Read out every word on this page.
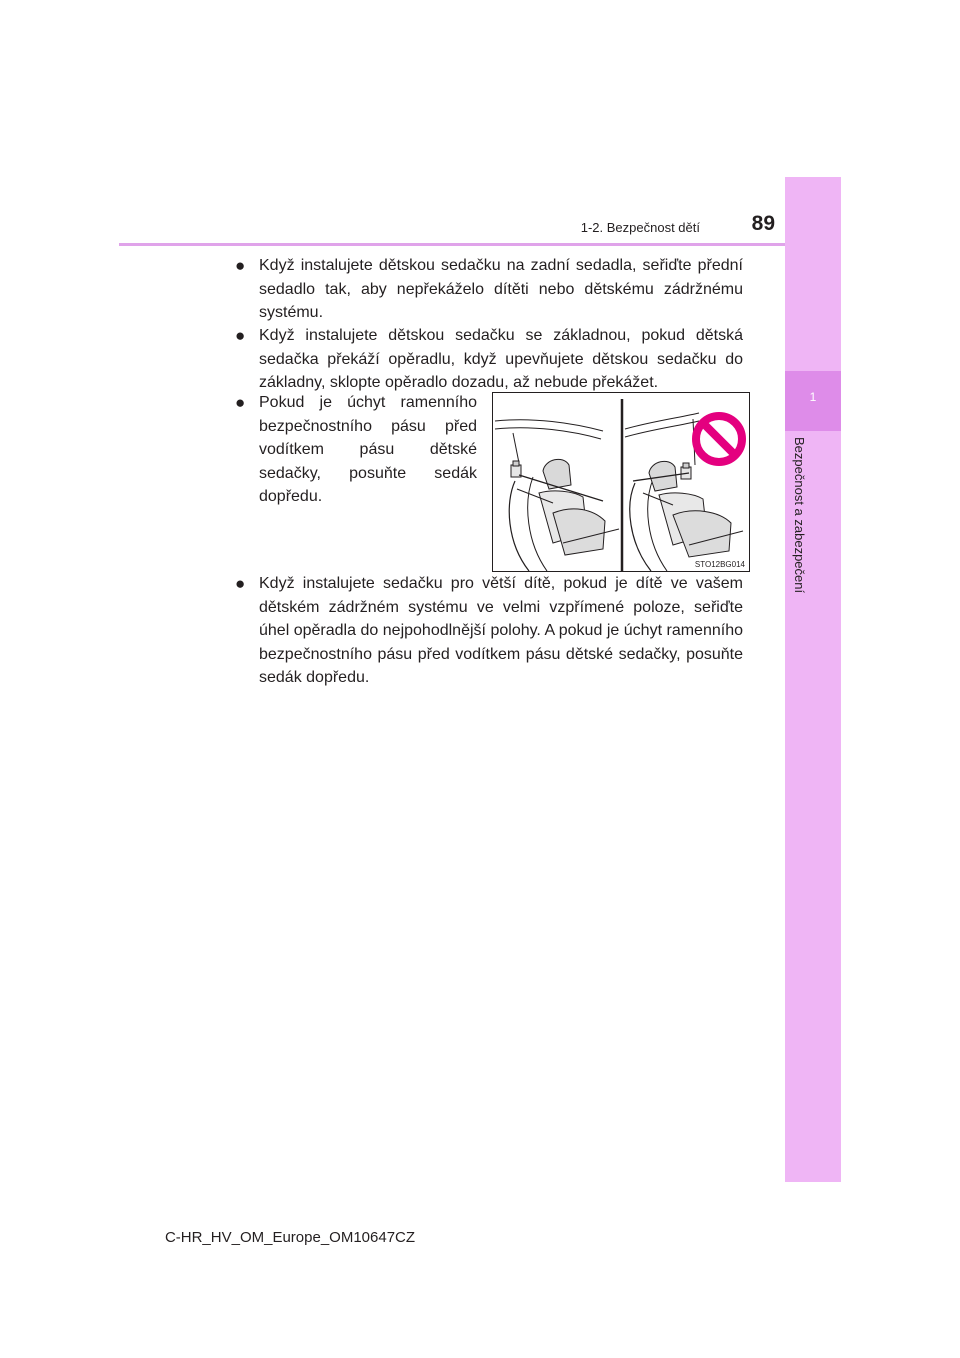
1
Bezpečnost a zabezpečení
1-2. Bezpečnost dětí	89
● Když instalujete dětskou sedačku na zadní sedadla, seřiďte přední sedadlo tak, aby nepřekáželo dítěti nebo dětskému zádržnému systému.
● Když instalujete dětskou sedačku se základnou, pokud dětská sedačka překáží opěradlu, když upevňujete dětskou sedačku do základny, sklopte opěradlo dozadu, až nebude překážet.
● Pokud je úchyt ramenního bezpečnostního pásu před vodítkem pásu dětské sedačky, posuňte sedák dopředu.
STO12BG014
● Když instalujete sedačku pro větší dítě, pokud je dítě ve vašem dětském zádržném systému ve velmi vzpřímené poloze, seřiďte úhel opěradla do nejpohodlnější polohy. A pokud je úchyt ramenního bezpečnostního pásu před vodítkem pásu dětské sedačky, posuňte sedák dopředu.
C-HR_HV_OM_Europe_OM10647CZ
